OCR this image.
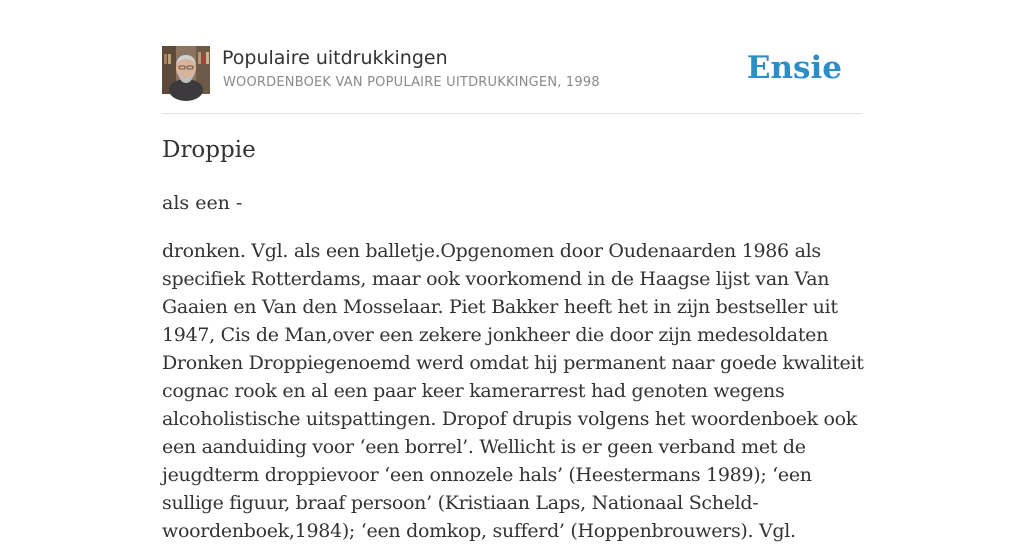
Populaire uitdrukkingen
WOORDENBOEK VAN POPULAIRE UITDRUKKINGEN, 1998	Ensie
Droppie
als een -

dronken. Vgl. als een balletje.Opgenomen door Oudenaarden 1986 als specifiek Rotterdams, maar ook voorkomend in de Haagse lijst van Van Gaaien en Van den Mosselaar. Piet Bakker heeft het in zijn bestseller uit 1947, Cis de Man,over een zekere jonkheer die door zijn medesoldaten Dronken Droppiegenoemd werd omdat hij permanent naar goede kwaliteit cognac rook en al een paar keer kamerarrest had genoten wegens alcoholistische uitspattingen. Dropof drupis volgens het woordenboek ook een aanduiding voor ‘een borrel’. Wellicht is er geen verband met de jeugdterm droppievoor ‘een onnozele hals’ (Heestermans 1989); ‘een sullige figuur, braaf persoon’ (Kristiaan Laps, Nationaal Scheld-woordenboek,1984); ‘een domkop, sufferd’ (Hoppenbrouwers). Vgl.
